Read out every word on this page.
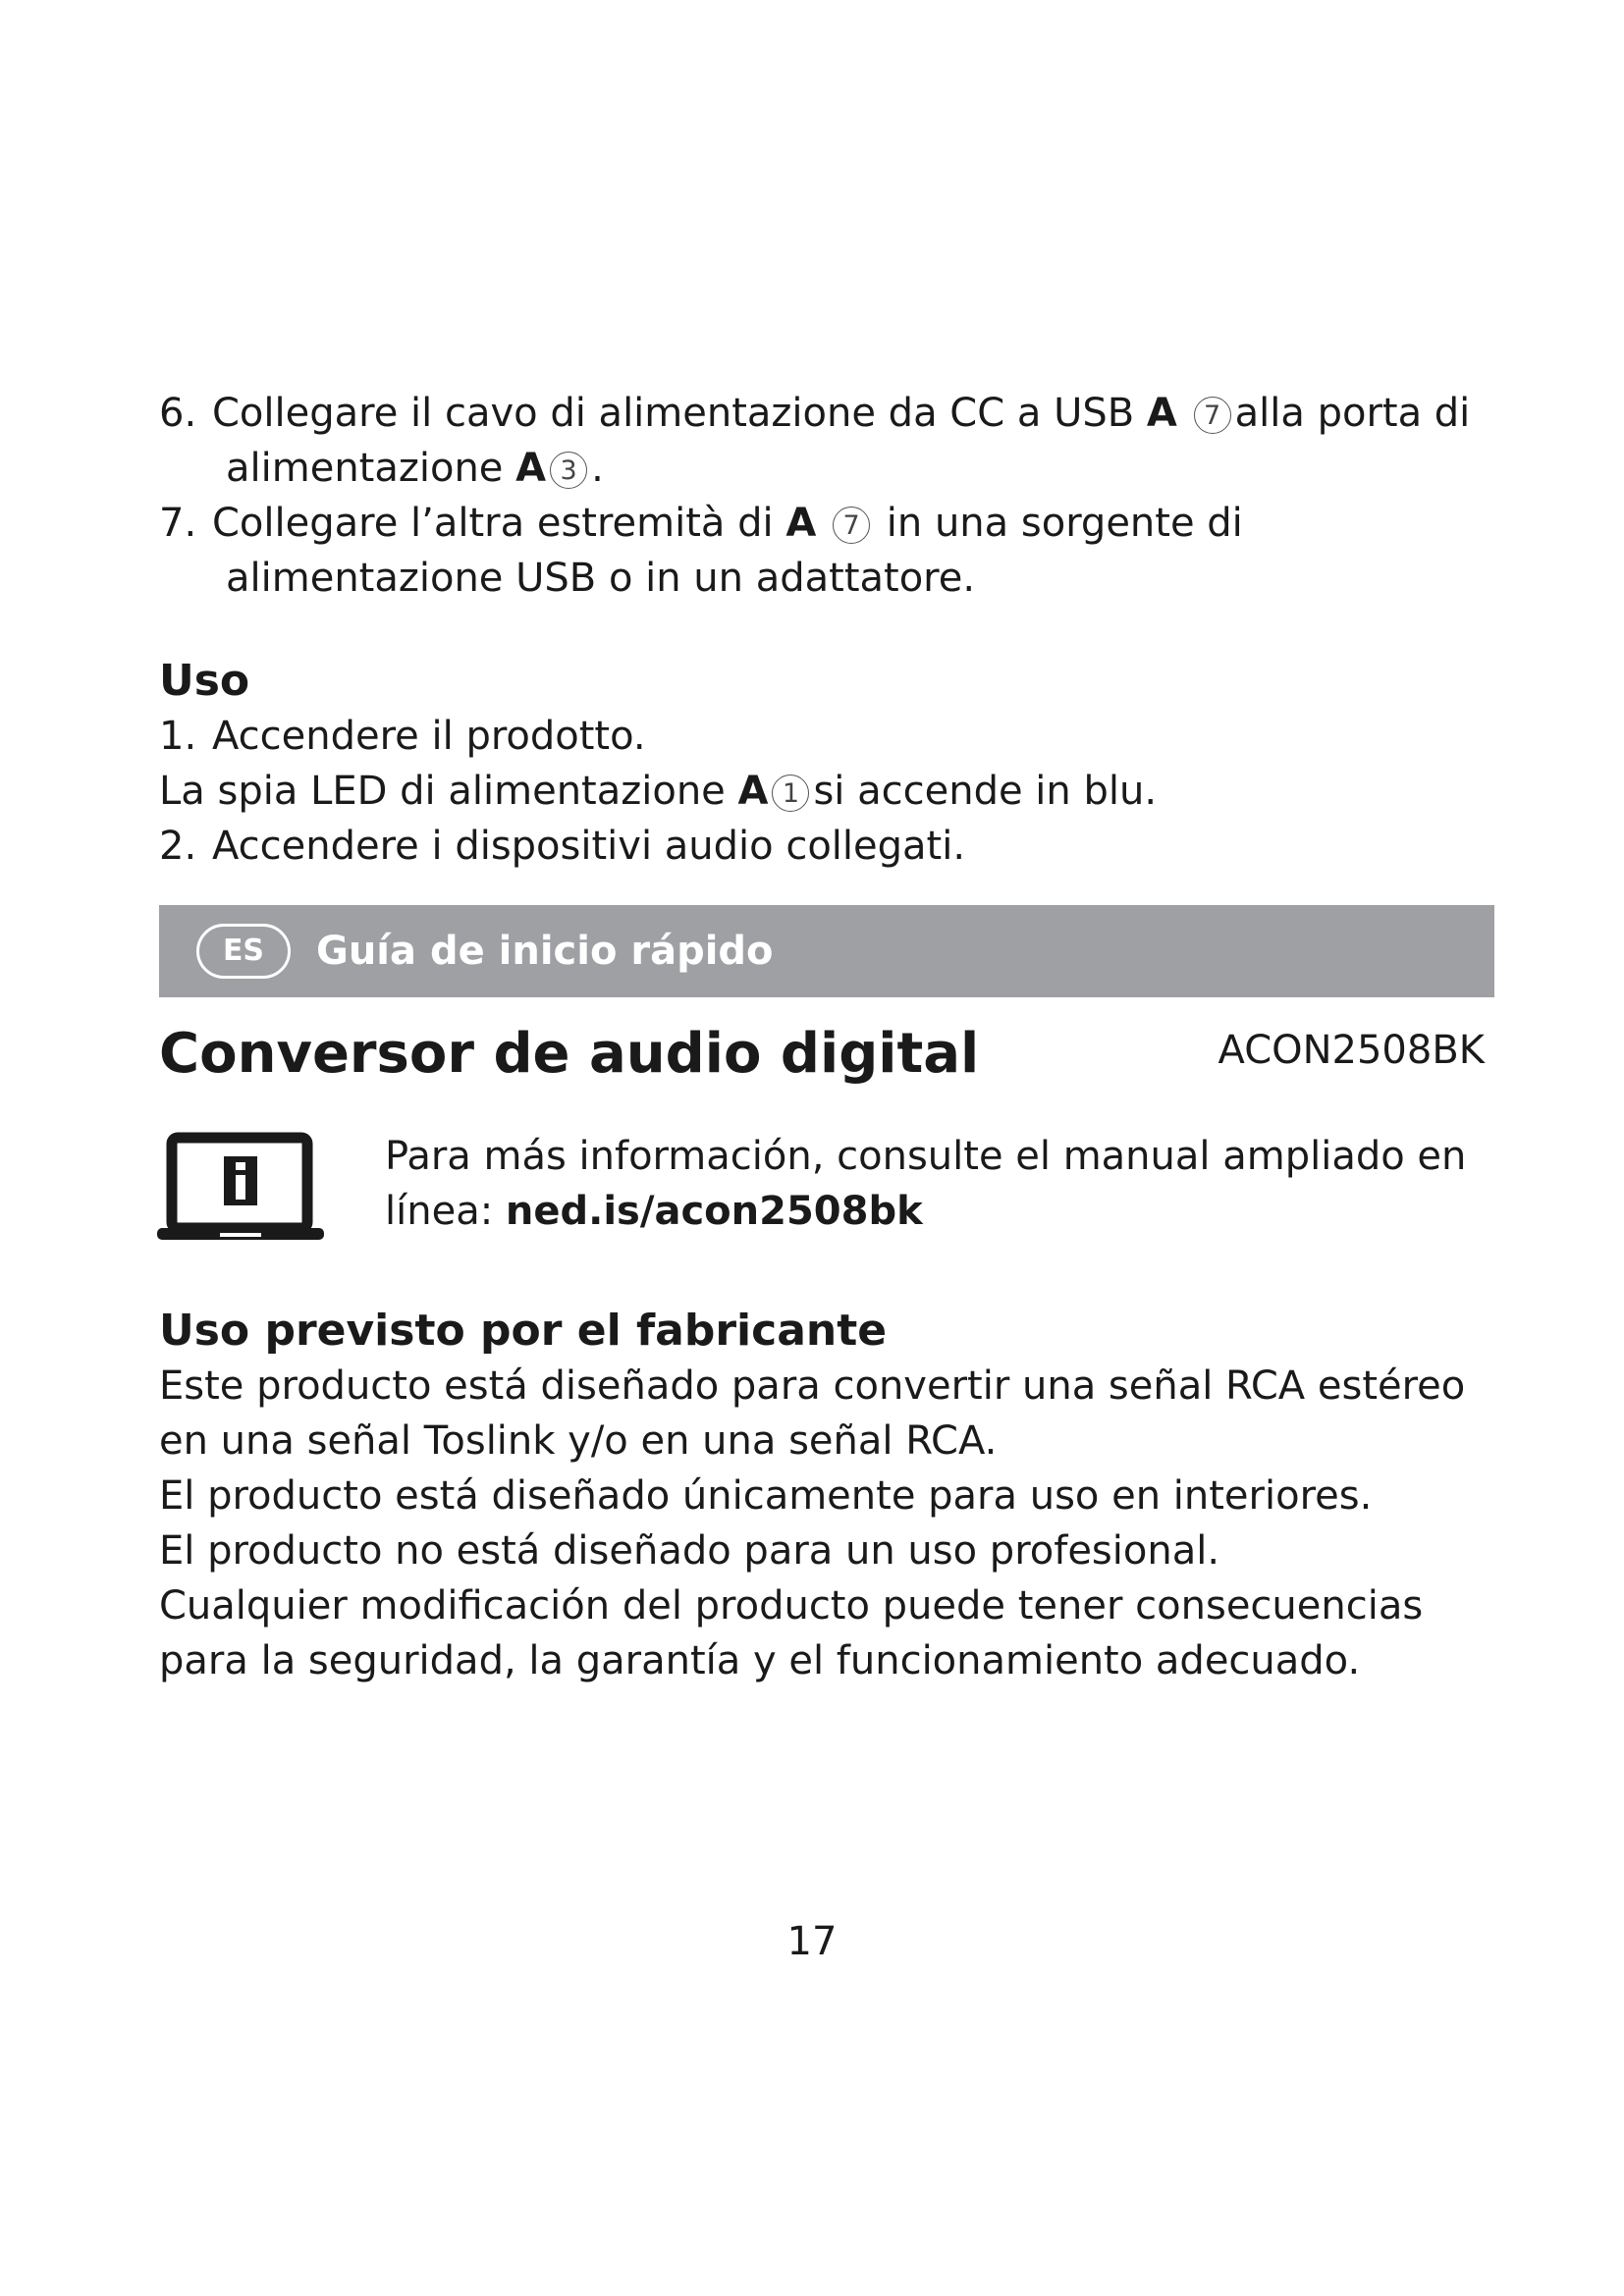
6. Collegare il cavo di alimentazione da CC a USB A 7 alla porta di
alimentazione A 3 .
7. Collegare l’altra estremità di A 7 in una sorgente di
alimentazione USB o in un adattatore.
Uso
1. Accendere il prodotto.
La spia LED di alimentazione A 1 si accende in blu.
2. Accendere i dispositivi audio collegati.
ES	Guía de inicio rápido
Conversor de audio digital	ACON2508BK
Para más información, consulte el manual ampliado en
línea: ned.is/acon2508bk
Uso previsto por el fabricante
Este producto está diseñado para convertir una señal RCA estéreo
en una señal Toslink y/o en una señal RCA.
El producto está diseñado únicamente para uso en interiores.
El producto no está diseñado para un uso profesional.
Cualquier modificación del producto puede tener consecuencias
para la seguridad, la garantía y el funcionamiento adecuado.
17
